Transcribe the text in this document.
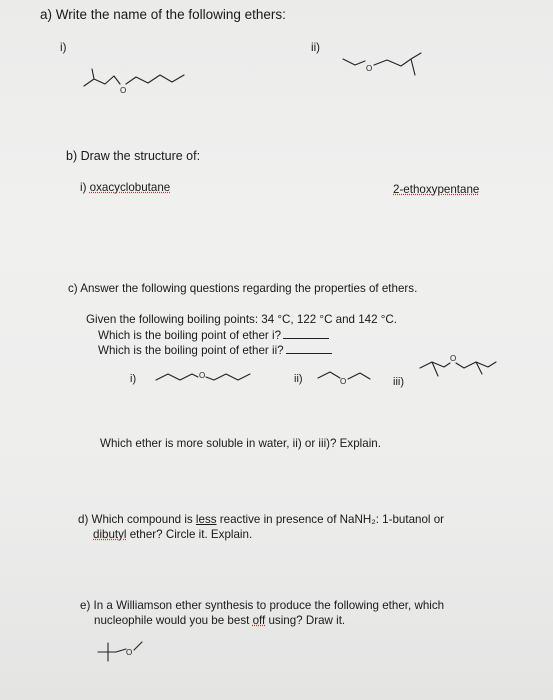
a) Write the name of the following ethers:
i)	ii)
O
O
b) Draw the structure of:
i) oxacyclobutane	2-ethoxypentane
c) Answer the following questions regarding the properties of ethers.
Given the following boiling points: 34 °C, 122 °C and 142 °C.
Which is the boiling point of ether i?
Which is the boiling point of ether ii?
i)	O	ii)	O	iii)
O
Which ether is more soluble in water, ii) or iii)? Explain.
d) Which compound is less reactive in presence of NaNH₂: 1-butanol or
dibutyl ether? Circle it. Explain.
e) In a Williamson ether synthesis to produce the following ether, which
nucleophile would you be best off using? Draw it.
O
